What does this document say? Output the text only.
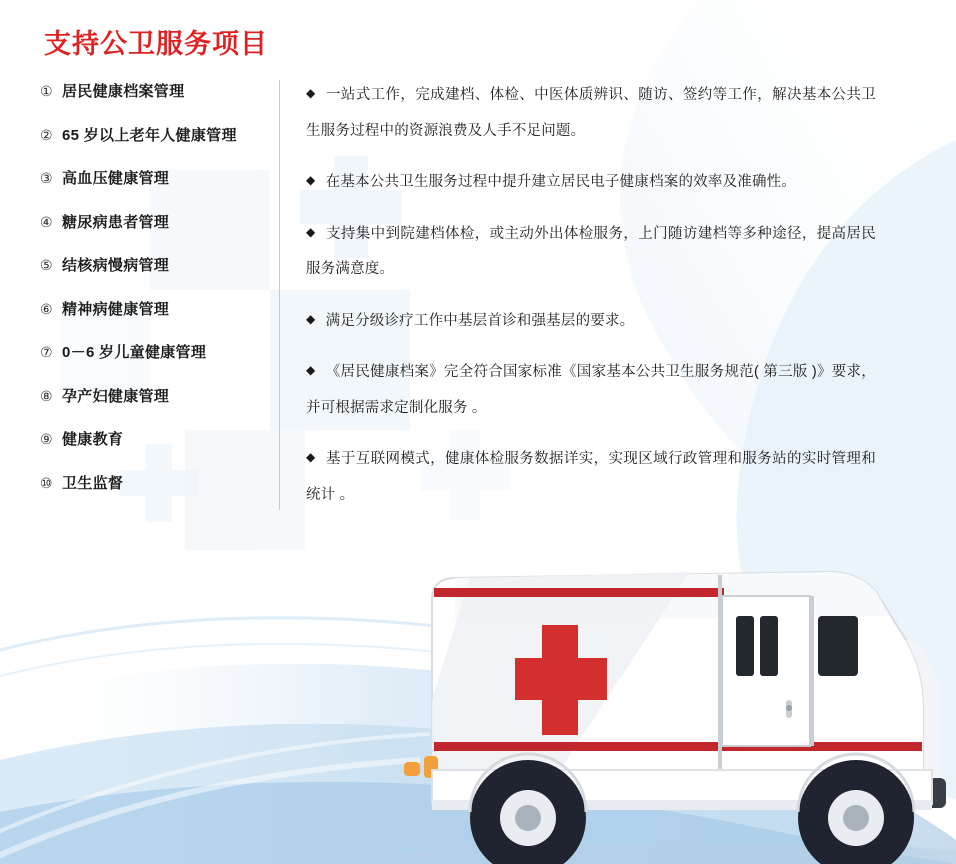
支持公卫服务项目
① 居民健康档案管理
② 65 岁以上老年人健康管理
③ 高血压健康管理
④ 糖尿病患者管理
⑤ 结核病慢病管理
⑥ 精神病健康管理
⑦ 0－6 岁儿童健康管理
⑧ 孕产妇健康管理
⑨ 健康教育
⑩ 卫生监督
◆ 一站式工作，完成建档、体检、中医体质辨识、随访、签约等工作，解决基本公共卫生服务过程中的资源浪费及人手不足问题。
◆ 在基本公共卫生服务过程中提升建立居民电子健康档案的效率及准确性。
◆ 支持集中到院建档体检，或主动外出体检服务，上门随访建档等多种途径，提高居民服务满意度。
◆ 满足分级诊疗工作中基层首诊和强基层的要求。
◆ 《居民健康档案》完全符合国家标准《国家基本公共卫生服务规范( 第三版 )》要求，并可根据需求定制化服务 。
◆ 基于互联网模式，健康体检服务数据详实，实现区域行政管理和服务站的实时管理和统计 。
